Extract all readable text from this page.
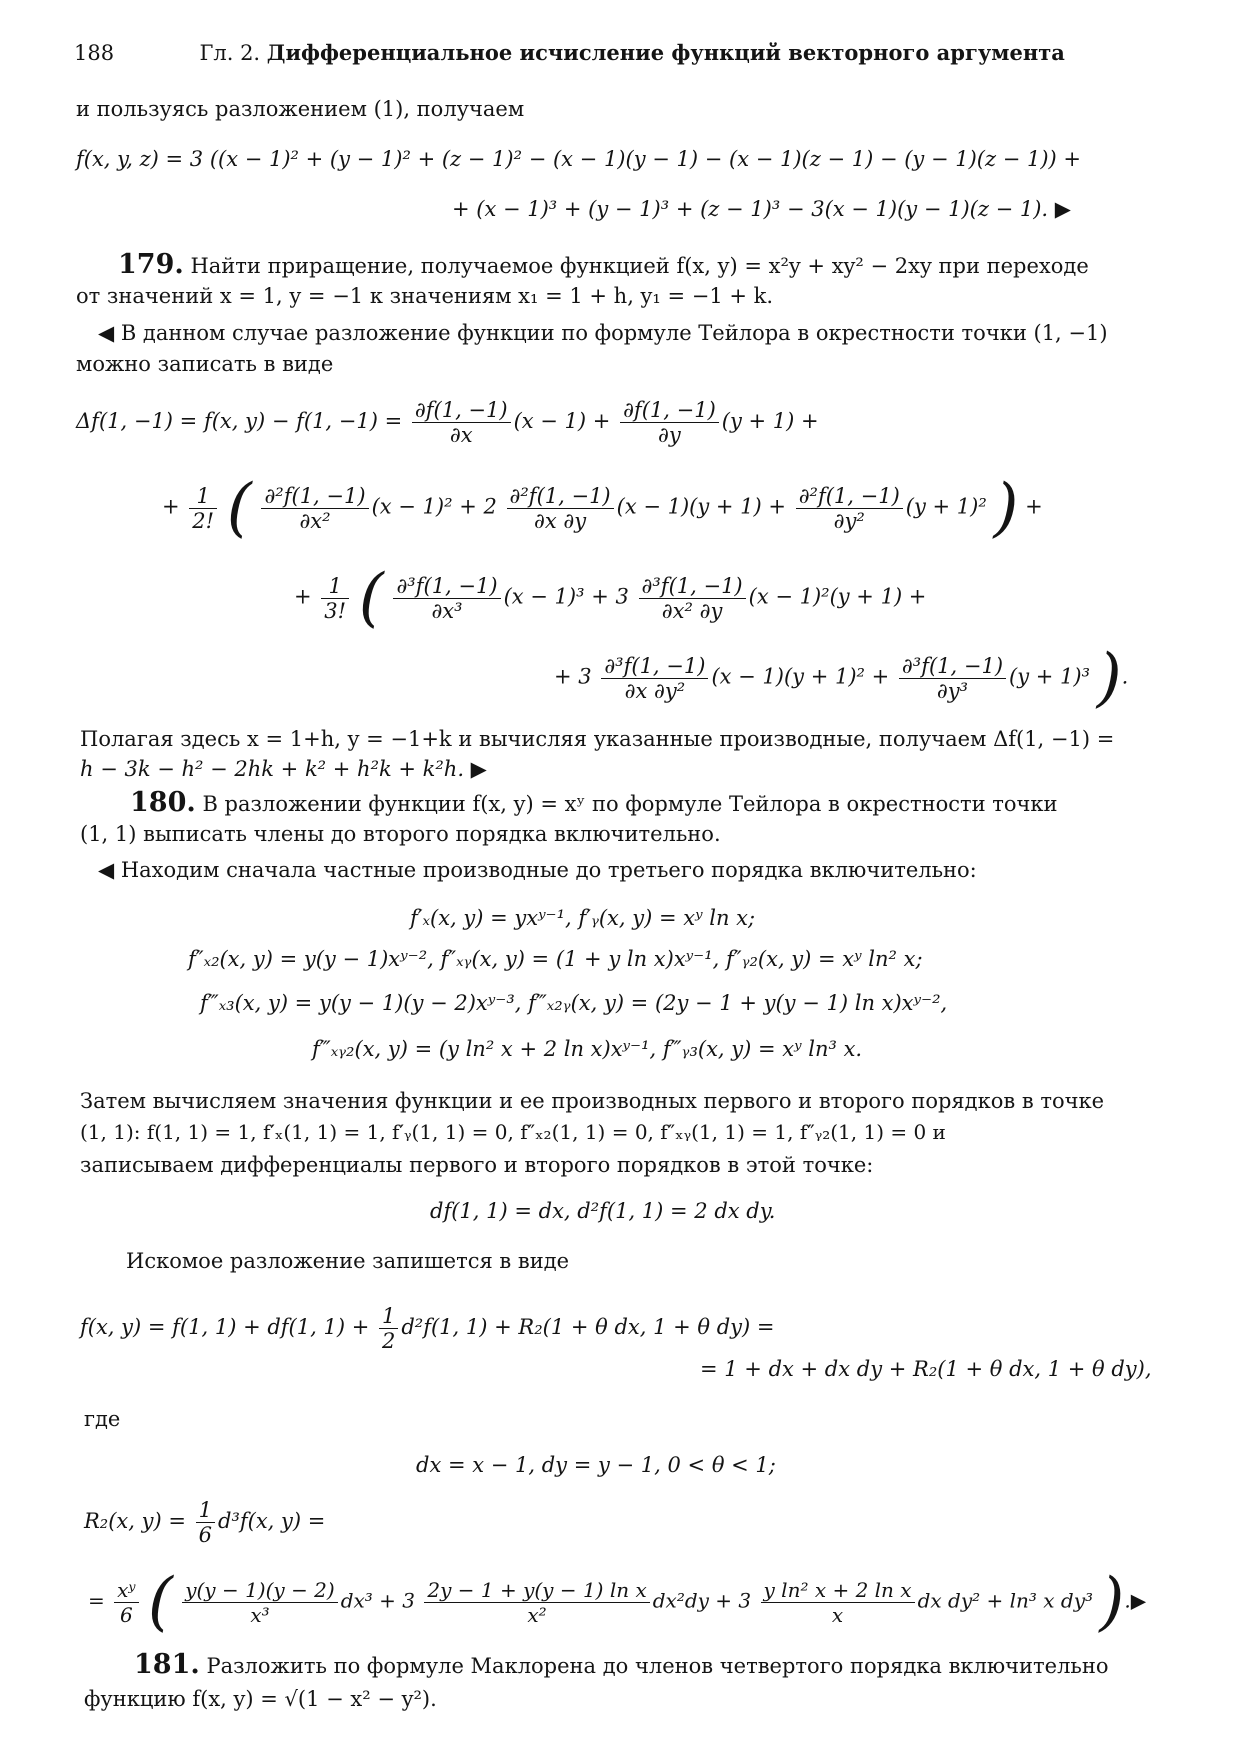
188	Гл. 2. Дифференциальное исчисление функций векторного аргумента
и пользуясь разложением (1), получаем
f(x, y, z) = 3 ((x − 1)² + (y − 1)² + (z − 1)² − (x − 1)(y − 1) − (x − 1)(z − 1) − (y − 1)(z − 1)) +
+ (x − 1)³ + (y − 1)³ + (z − 1)³ − 3(x − 1)(y − 1)(z − 1). ▶
179. Найти приращение, получаемое функцией f(x, y) = x²y + xy² − 2xy при переходе
от значений x = 1, y = −1 к значениям x₁ = 1 + h, y₁ = −1 + k.
◀ В данном случае разложение функции по формуле Тейлора в окрестности точки (1, −1)
можно записать в виде
Δf(1, −1) = f(x, y) − f(1, $-1) = \frac{\partial f(1, -1)}{\partial x} (x - 1) + \frac{\partial f(1, -1)}{\partial y} (y + 1)$ +
+ $\frac{1}{2!}$ ( $\frac{\text{∂²f(1, −1)}}{\text{∂x²}} (x - 1)^2 + 2 \frac{\text{∂²f(1, −1)}}{\partial x \partial y} (x - 1)(y + 1) + \frac{\text{∂²f(1, −1)}}{\text{∂y²}} (y + 1)^2$ ) +
+ $\frac{1}{3!}$ ( $\frac{\text{∂³f(1, −1)}}{\text{∂x³}} (x - 1)^3 + 3 \frac{\text{∂³f(1, −1)}}{\text{∂x² ∂y}} (x - 1)^2(y + 1)$ +
+ $3 \frac{\text{∂³f(1, −1)}}{\text{∂x ∂y²}} (x - 1)(y + 1)^2 + \frac{\text{∂³f(1, −1)}}{\text{∂y³}} (y + 1)^3$ ).
Полагая здесь x = 1+h, y = −1+k и вычисляя указанные производные, получаем Δf(1, −1) =
h − 3k − h² − 2hk + k² + h²k + k²h. ▶
180. В разложении функции f(x, y) = xʸ по формуле Тейлора в окрестности точки
(1, 1) выписать члены до второго порядка включительно.
◀ Находим сначала частные производные до третьего порядка включительно:
f′ₓ(x, y) = yxʸ⁻¹, f′ᵧ(x, y) = xʸ ln x;
f″ₓ₂(x, y) = y(y − 1)xʸ⁻², f″ₓᵧ(x, y) = (1 + y ln x)xʸ⁻¹, f″ᵧ₂(x, y) = xʸ ln² x;
f‴ₓ₃(x, y) = y(y − 1)(y − 2)xʸ⁻³, f‴ₓ₂ᵧ(x, y) = (2y − 1 + y(y − 1) ln x)xʸ⁻²,
f‴ₓᵧ₂(x, y) = (y ln² x + 2 ln x)xʸ⁻¹, f‴ᵧ₃(x, y) = xʸ ln³ x.
Затем вычисляем значения функции и ее производных первого и второго порядков в точке
(1, 1): f(1, 1) = 1, f′ₓ(1, 1) = 1, f′ᵧ(1, 1) = 0, f″ₓ₂(1, 1) = 0, f″ₓᵧ(1, 1) = 1, f″ᵧ₂(1, 1) = 0 и
записываем дифференциалы первого и второго порядков в этой точке:
df(1, 1) = dx, d²f(1, 1) = 2 dx dy.
Искомое разложение запишется в виде
f(x, y) = f(1, 1) + df(1, $1) + \frac{1}{2} d^2f(1$, 1) + R₂(1 + θ dx, 1 + θ dy) =
= 1 + dx + dx dy + R₂(1 + θ dx, 1 + θ dy),
где
dx = x − 1, dy = y − 1, 0 < θ < 1;
R₂(x, $y) = \frac{1}{6} d^3f(x$, y) =
= $\frac{\text{xʸ}}{6}$ ( $\frac{y(y - 1)(y - 2)}{\text{x³}} dx^3 + 3 \frac{\text{2y − 1 + y(y − 1) ln x}}{\text{x²}} dx^2dy + 3 \frac{\text{y ln² x + 2 ln x}}{x}$ dx dy² + ln³ x dy³ ).▶
181. Разложить по формуле Маклорена до членов четвертого порядка включительно
функцию f(x, y) = √(1 − x² − y²).
